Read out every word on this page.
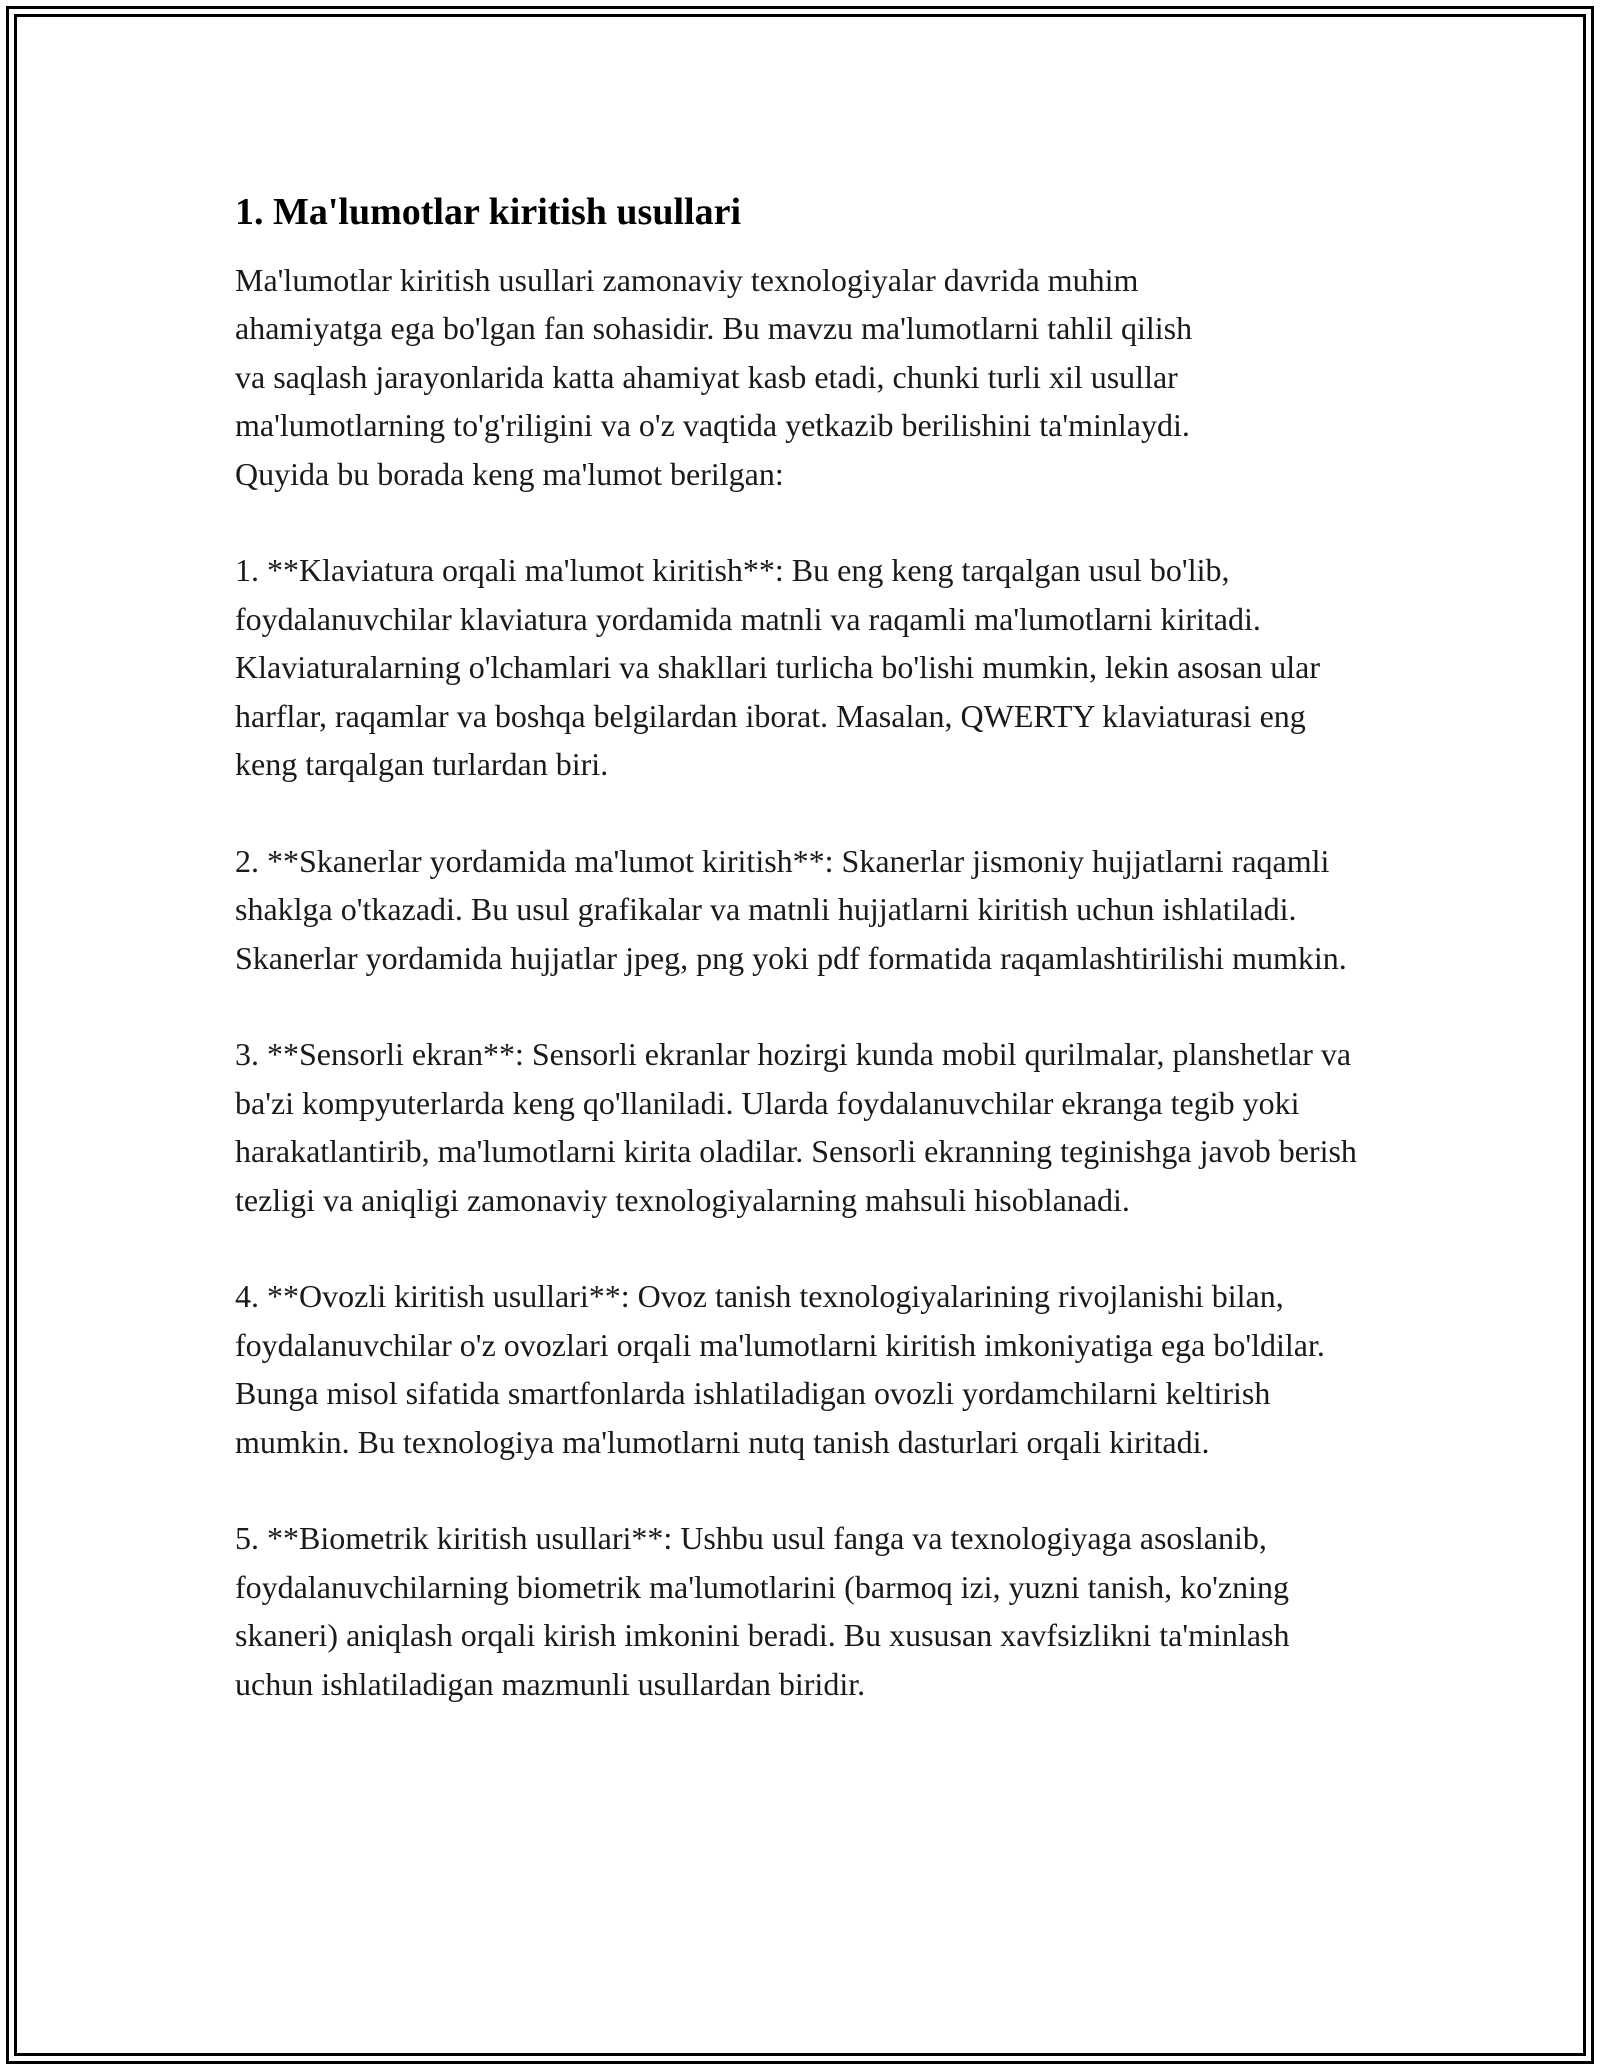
1. Ma'lumotlar kiritish usullari

Ma'lumotlar kiritish usullari zamonaviy texnologiyalar davrida muhim
ahamiyatga ega bo'lgan fan sohasidir. Bu mavzu ma'lumotlarni tahlil qilish
va saqlash jarayonlarida katta ahamiyat kasb etadi, chunki turli xil usullar
ma'lumotlarning to'g'riligini va o'z vaqtida yetkazib berilishini ta'minlaydi.
Quyida bu borada keng ma'lumot berilgan:

1. **Klaviatura orqali ma'lumot kiritish**: Bu eng keng tarqalgan usul bo'lib, foydalanuvchilar klaviatura yordamida matnli va raqamli ma'lumotlarni kiritadi. Klaviaturalarning o'lchamlari va shakllari turlicha bo'lishi mumkin, lekin asosan ular harflar, raqamlar va boshqa belgilardan iborat. Masalan, QWERTY klaviaturasi eng keng tarqalgan turlardan biri.

2. **Skanerlar yordamida ma'lumot kiritish**: Skanerlar jismoniy hujjatlarni raqamli shaklga o'tkazadi. Bu usul grafikalar va matnli hujjatlarni kiritish uchun ishlatiladi. Skanerlar yordamida hujjatlar jpeg, png yoki pdf formatida raqamlashtirilishi mumkin.

3. **Sensorli ekran**: Sensorli ekranlar hozirgi kunda mobil qurilmalar, planshetlar va ba'zi kompyuterlarda keng qo'llaniladi. Ularda foydalanuvchilar ekranga tegib yoki harakatlantirib, ma'lumotlarni kirita oladilar. Sensorli ekranning teginishga javob berish tezligi va aniqligi zamonaviy texnologiyalarning mahsuli hisoblanadi.

4. **Ovozli kiritish usullari**: Ovoz tanish texnologiyalarining rivojlanishi bilan, foydalanuvchilar o'z ovozlari orqali ma'lumotlarni kiritish imkoniyatiga ega bo'ldilar. Bunga misol sifatida smartfonlarda ishlatiladigan ovozli yordamchilarni keltirish mumkin. Bu texnologiya ma'lumotlarni nutq tanish dasturlari orqali kiritadi.

5. **Biometrik kiritish usullari**: Ushbu usul fanga va texnologiyaga asoslanib, foydalanuvchilarning biometrik ma'lumotlarini (barmoq izi, yuzni tanish, ko'zning skaneri) aniqlash orqali kirish imkonini beradi. Bu xususan xavfsizlikni ta'minlash uchun ishlatiladigan mazmunli usullardan biridir.
